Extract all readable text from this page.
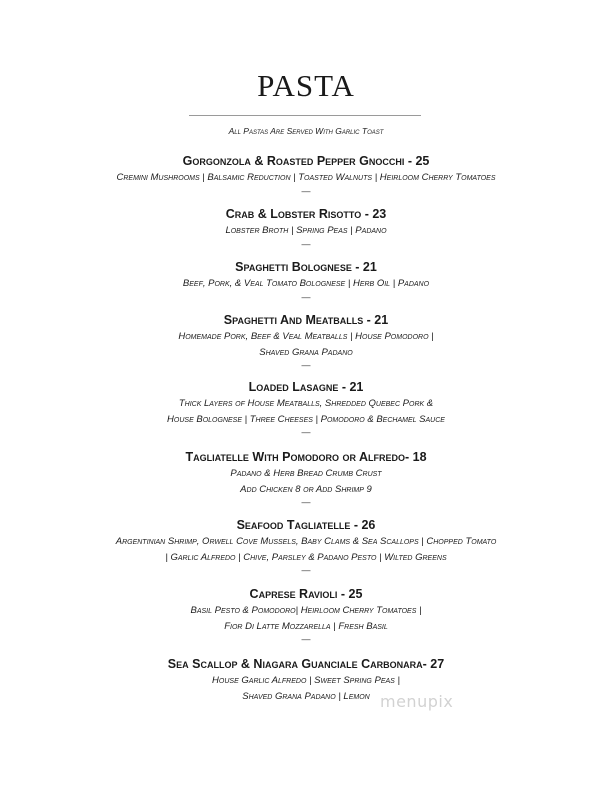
PASTA
All Pastas Are Served With Garlic Toast
Gorgonzola & Roasted Pepper Gnocchi - 25
Cremini Mushrooms | Balsamic Reduction | Toasted Walnuts | Heirloom Cherry Tomatoes
—
Crab & Lobster Risotto - 23
Lobster Broth | Spring Peas | Padano
—
Spaghetti Bolognese - 21
Beef, Pork, & Veal Tomato Bolognese | Herb Oil | Padano
—
Spaghetti And Meatballs - 21
Homemade Pork, Beef & Veal Meatballs | House Pomodoro |
Shaved Grana Padano
—
Loaded Lasagne - 21
Thick Layers of House Meatballs, Shredded Quebec Pork &
House Bolognese | Three Cheeses | Pomodoro & Bechamel Sauce
—
Tagliatelle With Pomodoro or Alfredo- 18
Padano & Herb Bread Crumb Crust
Add Chicken 8 or Add Shrimp 9
—
Seafood Tagliatelle - 26
Argentinian Shrimp, Orwell Cove Mussels, Baby Clams & Sea Scallops | Chopped Tomato
| Garlic Alfredo | Chive, Parsley & Padano Pesto | Wilted Greens
—
Caprese Ravioli - 25
Basil Pesto & Pomodoro| Heirloom Cherry Tomatoes |
Fior Di Latte Mozzarella | Fresh Basil
—
Sea Scallop & Niagara Guanciale Carbonara- 27
House Garlic Alfredo | Sweet Spring Peas |
Shaved Grana Padano | Lemon menupix
